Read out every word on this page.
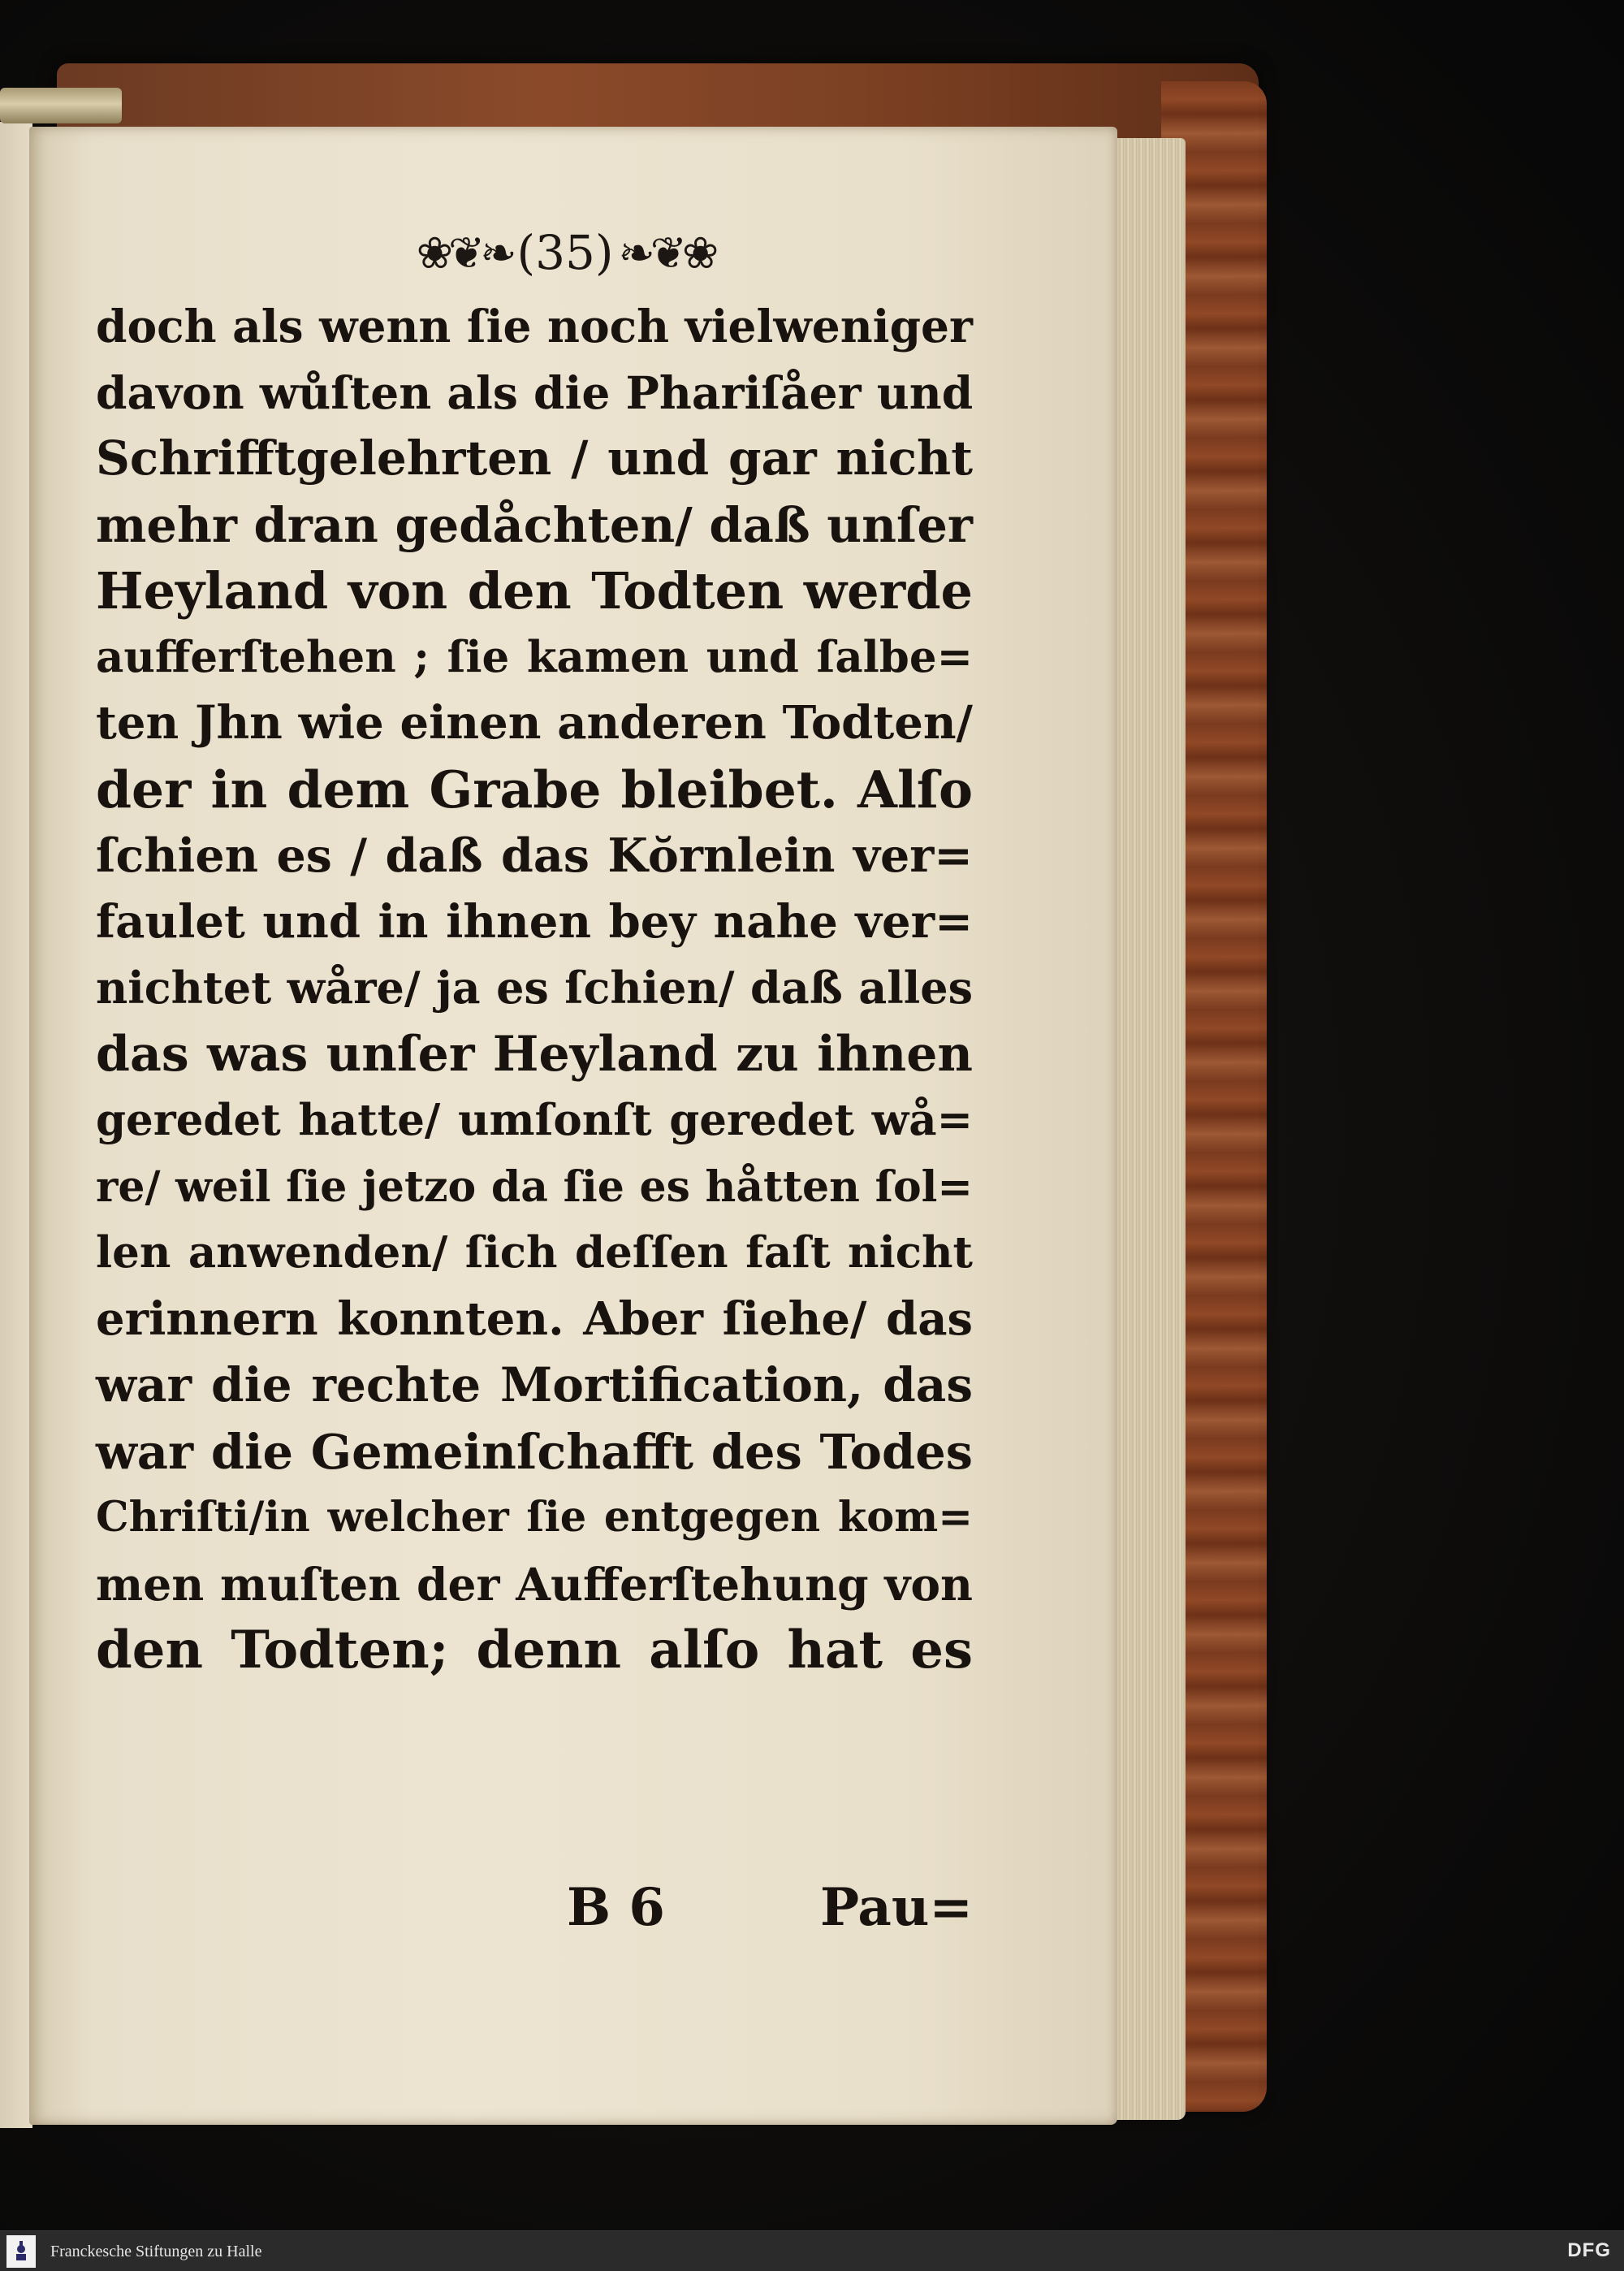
❀❦❧ (35) ❧❦❀
doch als wenn ſie noch vielweniger
davon wůſten als die Phariſåer und
Schrifftgelehrten / und gar nicht
mehr dran gedåchten/ daß unſer
Heyland von den Todten werde
aufferſtehen ; ſie kamen und ſalbe=
ten Jhn wie einen anderen Todten/
der in dem Grabe bleibet. Alſo
ſchien es / daß das Kŏrnlein ver=
faulet und in ihnen bey nahe ver=
nichtet wåre/ ja es ſchien/ daß alles
das was unſer Heyland zu ihnen
geredet hatte/ umſonſt geredet wå=
re/ weil ſie jetzo da ſie es håtten ſol=
len anwenden/ ſich deſſen faſt nicht
erinnern konnten. Aber ſiehe/ das
war die rechte Mortification, das
war die Gemeinſchafft des Todes
Chriſti/in welcher ſie entgegen kom=
men muſten der Aufferſtehung von
den Todten; denn alſo hat es
B 6	Pau=
Franckesche Stiftungen zu Halle	DFG
